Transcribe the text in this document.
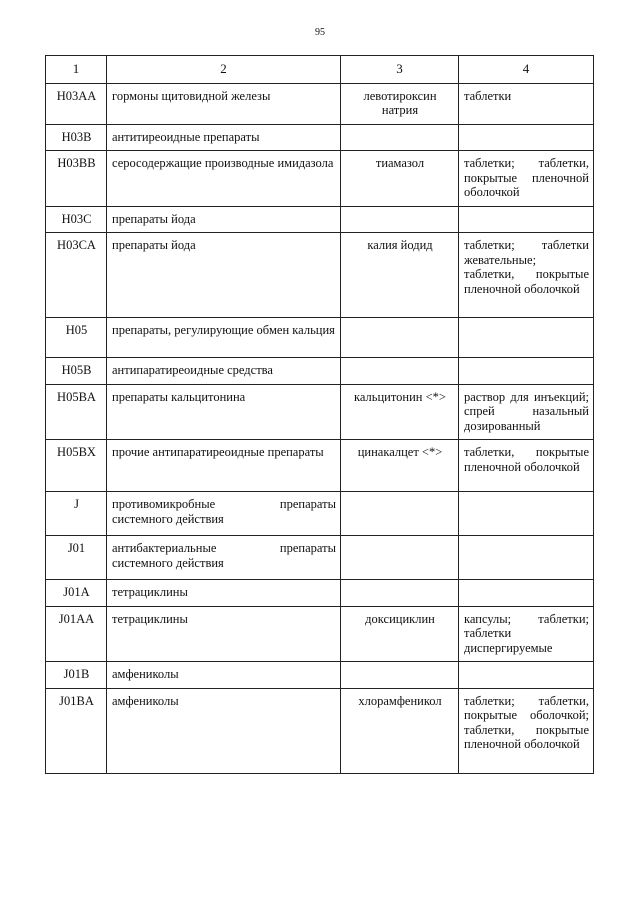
95
1	2	3	4
H03AA	гормоны щитовидной железы	левотироксин натрия	таблетки
H03B	антитиреоидные препараты		
H03BB	серосодержащие производные имидазола	тиамазол	таблетки; таблетки, покрытые пленочной оболочкой
H03C	препараты йода		
H03CA	препараты йода	калия йодид	таблетки; таблетки жевательные; таблетки, покрытые пленочной оболочкой
H05	препараты, регулирующие обмен кальция		
H05B	антипаратиреоидные средства		
H05BA	препараты кальцитонина	кальцитонин <*>	раствор для инъекций; спрей назальный дозированный
H05BX	прочие антипаратиреоидные препараты	цинакалцет <*>	таблетки, покрытые пленочной оболочкой
J	противомикробные препараты системного действия		
J01	антибактериальные препараты системного действия		
J01A	тетрациклины		
J01AA	тетрациклины	доксициклин	капсулы; таблетки; таблетки диспергируемые
J01B	амфениколы		
J01BA	амфениколы	хлорамфеникол	таблетки; таблетки, покрытые оболочкой; таблетки, покрытые пленочной оболочкой
